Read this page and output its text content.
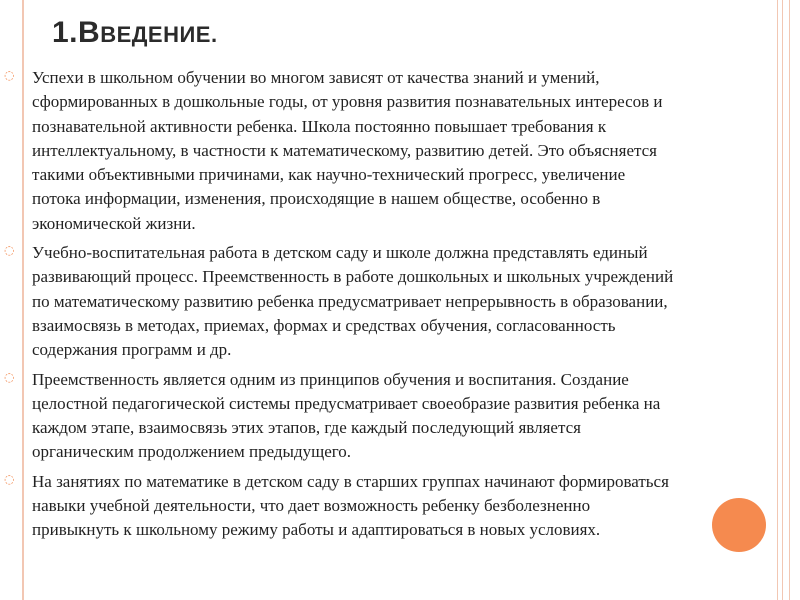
1.ВВЕДЕНИЕ.
◌ Успехи в школьном обучении во многом зависят от качества знаний и умений,
сформированных в дошкольные годы, от уровня развития познавательных интересов и
познавательной активности ребенка. Школа постоянно повышает требования к
интеллектуальному, в частности к математическому, развитию детей. Это объясняется
такими объективными причинами, как научно-технический прогресс, увеличение
потока информации, изменения, происходящие в нашем обществе, особенно в
экономической жизни.
◌ Учебно-воспитательная работа в детском саду и школе должна представлять единый
развивающий процесс. Преемственность в работе дошкольных и школьных учреждений
по математическому развитию ребенка предусматривает непрерывность в образовании,
взаимосвязь в методах, приемах, формах и средствах обучения, согласованность
содержания программ и др.
◌ Преемственность является одним из принципов обучения и воспитания. Создание
целостной педагогической системы предусматривает своеобразие развития ребенка на
каждом этапе, взаимосвязь этих этапов, где каждый последующий является
органическим продолжением предыдущего.
◌ На занятиях по математике в детском саду в старших группах начинают формироваться
навыки учебной деятельности, что дает возможность ребенку безболезненно
привыкнуть к школьному режиму работы и адаптироваться в новых условиях.
